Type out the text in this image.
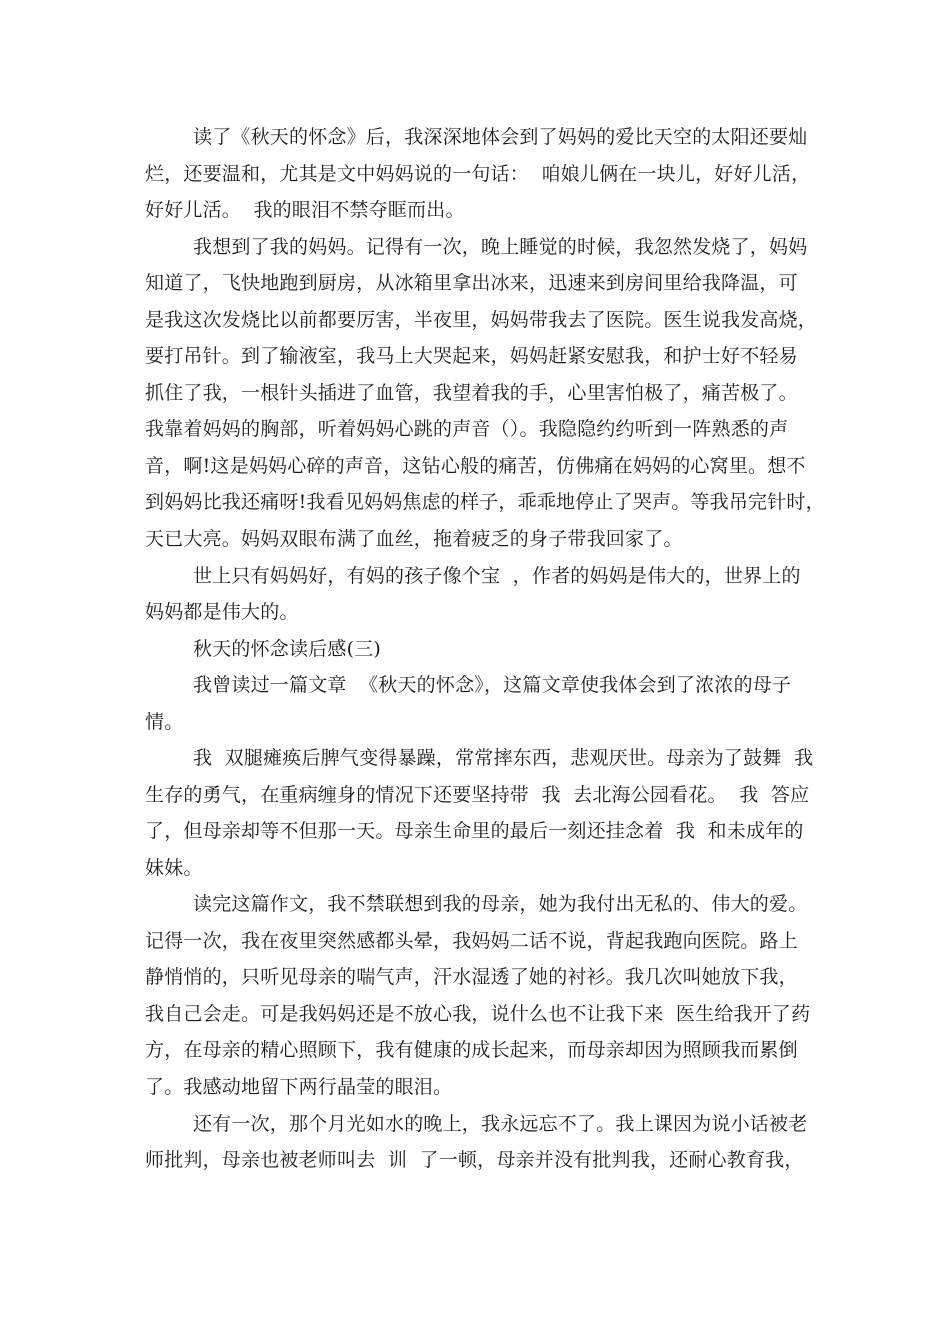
读了《秋天的怀念》后，我深深地体会到了妈妈的爱比天空的太阳还要灿
烂，还要温和，尤其是文中妈妈说的一句话：  咱娘儿俩在一块儿，好好儿活，
好好儿活。  我的眼泪不禁夺眶而出。
我想到了我的妈妈。记得有一次，晚上睡觉的时候，我忽然发烧了，妈妈
知道了，飞快地跑到厨房，从冰箱里拿出冰来，迅速来到房间里给我降温，可
是我这次发烧比以前都要厉害，半夜里，妈妈带我去了医院。医生说我发高烧，
要打吊针。到了输液室，我马上大哭起来，妈妈赶紧安慰我，和护士好不轻易
抓住了我，一根针头插进了血管，我望着我的手，心里害怕极了，痛苦极了。
我靠着妈妈的胸部，听着妈妈心跳的声音（）。我隐隐约约听到一阵熟悉的声
音，啊!这是妈妈心碎的声音，这钻心般的痛苦，仿佛痛在妈妈的心窝里。想不
到妈妈比我还痛呀!我看见妈妈焦虑的样子，乖乖地停止了哭声。等我吊完针时，
天已大亮。妈妈双眼布满了血丝，拖着疲乏的身子带我回家了。
世上只有妈妈好，有妈的孩子像个宝  ，作者的妈妈是伟大的，世界上的
妈妈都是伟大的。
秋天的怀念读后感(三)
我曾读过一篇文章  《秋天的怀念》，这篇文章使我体会到了浓浓的母子
情。
我  双腿瘫痪后脾气变得暴躁，常常摔东西，悲观厌世。母亲为了鼓舞  我
生存的勇气，在重病缠身的情况下还要坚持带  我  去北海公园看花。  我  答应
了，但母亲却等不但那一天。母亲生命里的最后一刻还挂念着  我  和未成年的
妹妹。
读完这篇作文，我不禁联想到我的母亲，她为我付出无私的、伟大的爱。
记得一次，我在夜里突然感都头晕，我妈妈二话不说，背起我跑向医院。路上
静悄悄的，只听见母亲的喘气声，汗水湿透了她的衬衫。我几次叫她放下我，
我自己会走。可是我妈妈还是不放心我，说什么也不让我下来  医生给我开了药
方，在母亲的精心照顾下，我有健康的成长起来，而母亲却因为照顾我而累倒
了。我感动地留下两行晶莹的眼泪。
还有一次，那个月光如水的晚上，我永远忘不了。我上课因为说小话被老
师批判，母亲也被老师叫去  训  了一顿，母亲并没有批判我，还耐心教育我，
